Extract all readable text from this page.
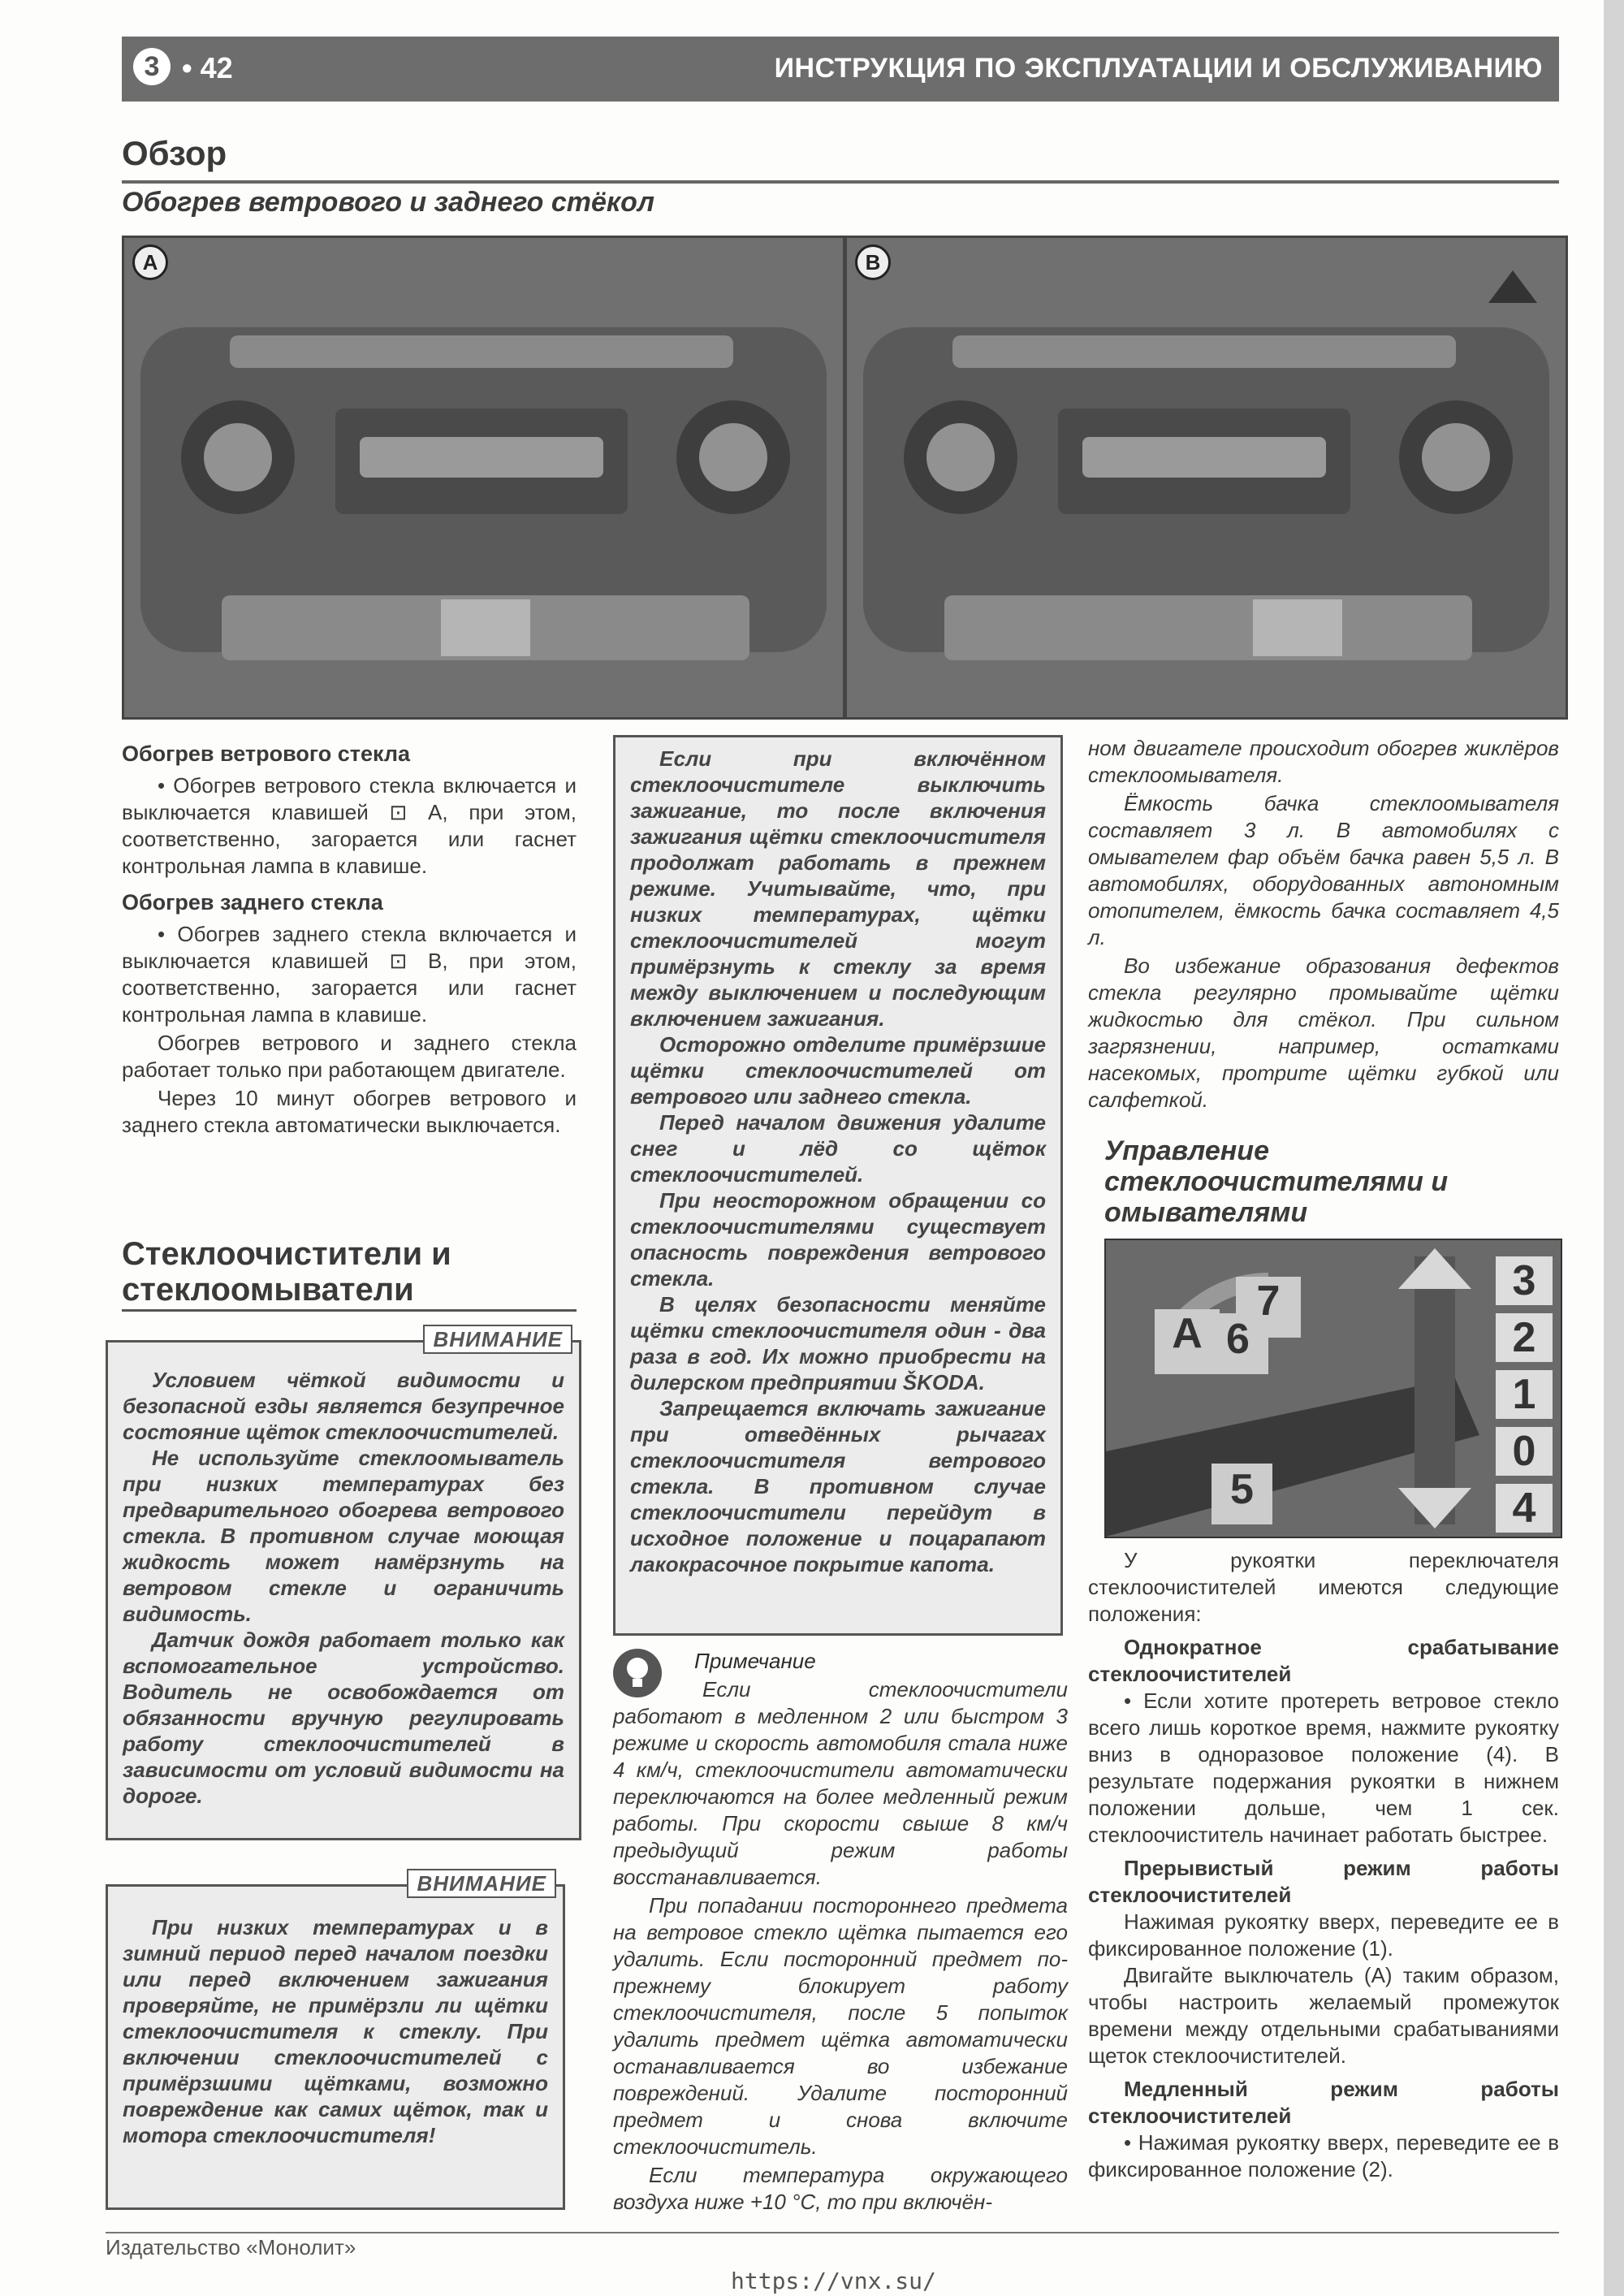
3 • 42	ИНСТРУКЦИЯ ПО ЭКСПЛУАТАЦИИ И ОБСЛУЖИВАНИЮ
Обзор
Обогрев ветрового и заднего стёкол
A	B
Обогрев ветрового стекла

• Обогрев ветрового стекла включается и выключается клавишей ⊡ A, при этом, соответственно, загорается или гаснет контрольная лампа в клавише.

Обогрев заднего стекла

• Обогрев заднего стекла включается и выключается клавишей ⊡ B, при этом, соответственно, загорается или гаснет контрольная лампа в клавише.

Обогрев ветрового и заднего стекла работает только при работающем двигателе.

Через 10 минут обогрев ветрового и заднего стекла автоматически выключается.

Стеклоочистители и стеклоомыватели
ВНИМАНИЕ

Условием чёткой видимости и безопасной езды является безупречное состояние щёток стеклоочистителей.

Не используйте стеклоомыватель при низких температурах без предварительного обогрева ветрового стекла. В противном случае моющая жидкость может намёрзнуть на ветровом стекле и ограничить видимость.

Датчик дождя работает только как вспомогательное устройство. Водитель не освобождается от обязанности вручную регулировать работу стеклоочистителей в зависимости от условий видимости на дороге.

ВНИМАНИЕ

При низких температурах и в зимний период перед началом поездки или перед включением зажигания проверяйте, не примёрзли ли щётки стеклоочистителя к стеклу. При включении стеклоочистителей с примёрзшими щётками, возможно повреждение как самих щёток, так и мотора стеклоочистителя!

Если при включённом стеклоочистителе выключить зажигание, то после включения зажигания щётки стеклоочистителя продолжат работать в прежнем режиме. Учитывайте, что, при низких температурах, щётки стеклоочистителей могут примёрзнуть к стеклу за время между выключением и последующим включением зажигания.

Осторожно отделите примёрзшие щётки стеклоочистителей от ветрового или заднего стекла.

Перед началом движения удалите снег и лёд со щёток стеклоочистителей.

При неосторожном обращении со стеклоочистителями существует опасность повреждения ветрового стекла.

В целях безопасности меняйте щётки стеклоочистителя один - два раза в год. Их можно приобрести на дилерском предприятии ŠKODA.

Запрещается включать зажигание при отведённых рычагах стеклоочистителя ветрового стекла. В противном случае стеклоочистители перейдут в исходное положение и поцарапают лакокрасочное покрытие капота.

Примечание

Если стеклоочистители работают в медленном 2 или быстром 3 режиме и скорость автомобиля стала ниже 4 км/ч, стеклоочистители автоматически переключаются на более медленный режим работы. При скорости свыше 8 км/ч предыдущий режим работы восстанавливается.

При попадании постороннего предмета на ветровое стекло щётка пытается его удалить. Если посторонний предмет по-прежнему блокирует работу стеклоочистителя, после 5 попыток удалить предмет щётка автоматически останавливается во избежание повреждений. Удалите посторонний предмет и снова включите стеклоочиститель.

Если температура окружающего воздуха ниже +10 °С, то при включён-

ном двигателе происходит обогрев жиклёров стеклоомывателя.

Ёмкость бачка стеклоомывателя составляет 3 л. В автомобилях с омывателем фар объём бачка равен 5,5 л. В автомобилях, оборудованных автономным отопителем, ёмкость бачка составляет 4,5 л.

Во избежание образования дефектов стекла регулярно промывайте щётки жидкостью для стёкол. При сильном загрязнении, например, остатками насекомых, протрите щётки губкой или салфеткой.

Управление стеклоочистителями и омывателями
A
7
6
5
3
2
1
0
4

У рукоятки переключателя стеклоочистителей имеются следующие положения:

Однократное срабатывание стеклоочистителей

• Если хотите протереть ветровое стекло всего лишь короткое время, нажмите рукоятку вниз в одноразовое положение (4). В результате подержания рукоятки в нижнем положении дольше, чем 1 сек. стеклоочиститель начинает работать быстрее.

Прерывистый режим работы стеклоочистителей

Нажимая рукоятку вверх, переведите ее в фиксированное положение (1).

Двигайте выключатель (A) таким образом, чтобы настроить желаемый промежуток времени между отдельными срабатываниями щеток стеклоочистителей.

Медленный режим работы стеклоочистителей

• Нажимая рукоятку вверх, переведите ее в фиксированное положение (2).

Издательство «Монолит»
https://vnx.su/
